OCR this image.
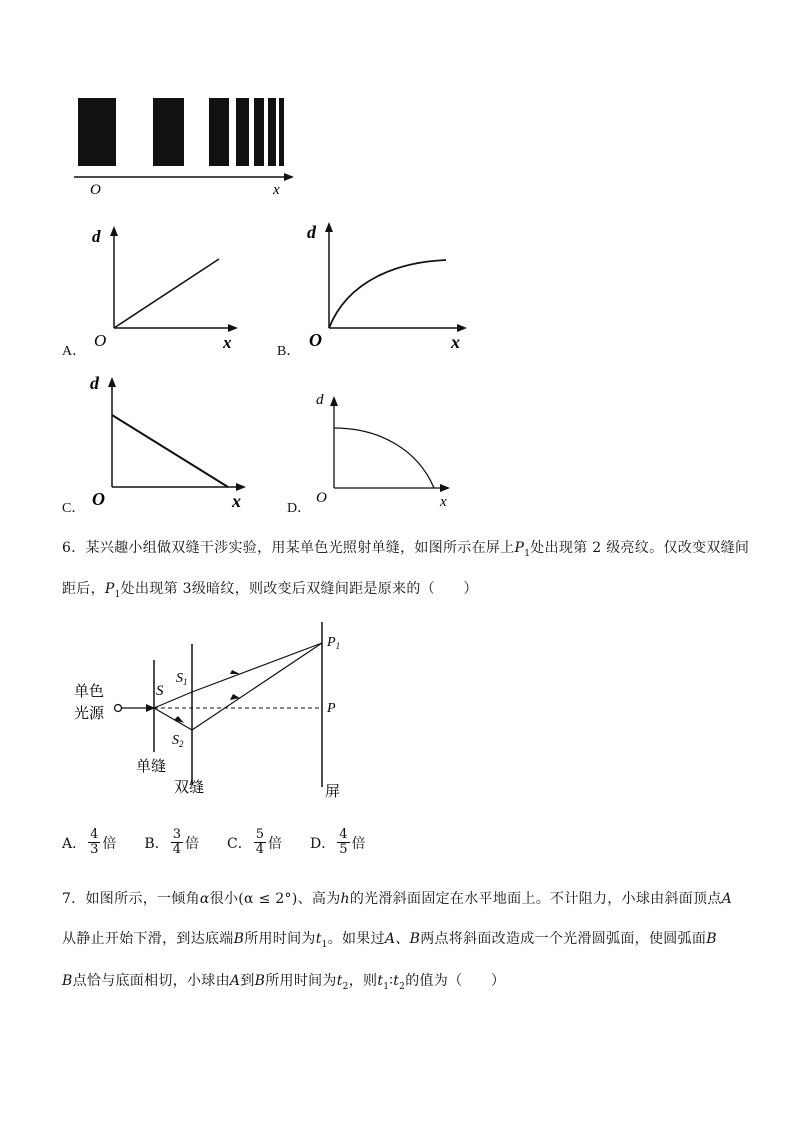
O	x
A．
d
O	x	B．
d
O	x
C．
d
O	x	D．
d
O	x
6．某兴趣小组做双缝干涉实验，用某单色光照射单缝，如图所示在屏上$P_1$处出现第 2 级亮纹。仅改变双缝间
距后，$P_1$处出现第 3级暗纹，则改变后双缝间距是原来的（　　）
单色
光源
S
$S_1$
$S_2$
$P_1$
P
单缝
双缝	屏
A． $\frac{4}{3}$ 倍 B． $\frac{3}{4}$ 倍 C． $\frac{5}{4}$ 倍 D． $\frac{4}{5}$ 倍
7．如图所示，一倾角α很小(α ≤ 2°)、高为h的光滑斜面固定在水平地面上。不计阻力，小球由斜面顶点A
从静止开始下滑，到达底端B所用时间为$t_1$。如果过A、B两点将斜面改造成一个光滑圆弧面，使圆弧面B
B点恰与底面相切，小球由A到B所用时间为$t_2$，则$t_1∶t_2$的值为（　　）
